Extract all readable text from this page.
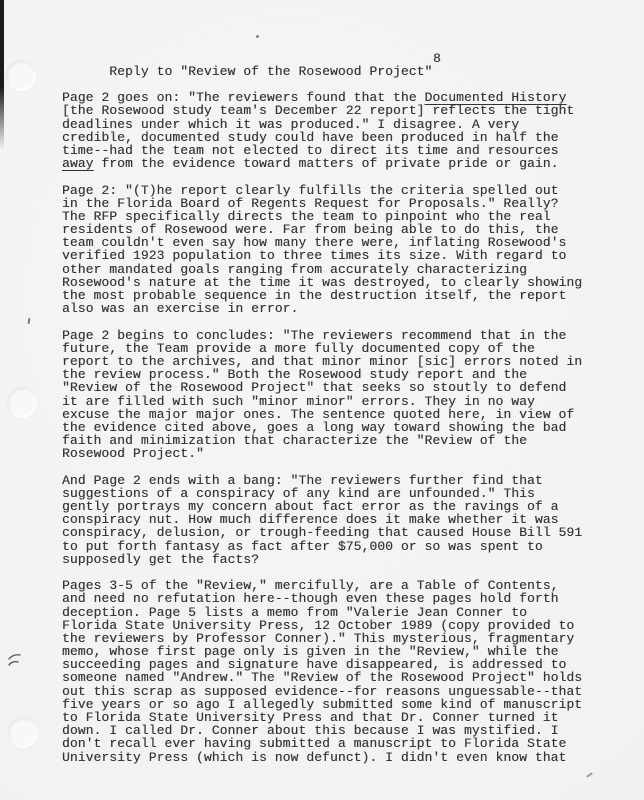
Reply to "Review of the Rosewood Project"

8

Page 2 goes on: "The reviewers found that the Documented History
[the Rosewood study team's December 22 report] reflects the tight
deadlines under which it was produced." I disagree. A very
credible, documented study could have been produced in half the
time--had the team not elected to direct its time and resources
away from the evidence toward matters of private pride or gain.
Page 2: "(T)he report clearly fulfills the criteria spelled out
in the Florida Board of Regents Request for Proposals." Really?
The RFP specifically directs the team to pinpoint who the real
residents of Rosewood were. Far from being able to do this, the
team couldn't even say how many there were, inflating Rosewood's
verified 1923 population to three times its size. With regard to
other mandated goals ranging from accurately characterizing
Rosewood's nature at the time it was destroyed, to clearly showing
the most probable sequence in the destruction itself, the report
also was an exercise in error.
Page 2 begins to concludes: "The reviewers recommend that in the
future, the Team provide a more fully documented copy of the
report to the archives, and that minor minor [sic] errors noted in
the review process." Both the Rosewood study report and the
"Review of the Rosewood Project" that seeks so stoutly to defend
it are filled with such "minor minor" errors. They in no way
excuse the major major ones. The sentence quoted here, in view of
the evidence cited above, goes a long way toward showing the bad
faith and minimization that characterize the "Review of the
Rosewood Project."
And Page 2 ends with a bang: "The reviewers further find that
suggestions of a conspiracy of any kind are unfounded." This
gently portrays my concern about fact error as the ravings of a
conspiracy nut. How much difference does it make whether it was
conspiracy, delusion, or trough-feeding that caused House Bill 591
to put forth fantasy as fact after $75,000 or so was spent to
supposedly get the facts?
Pages 3-5 of the "Review," mercifully, are a Table of Contents,
and need no refutation here--though even these pages hold forth
deception. Page 5 lists a memo from "Valerie Jean Conner to
Florida State University Press, 12 October 1989 (copy provided to
the reviewers by Professor Conner)." This mysterious, fragmentary
memo, whose first page only is given in the "Review," while the
succeeding pages and signature have disappeared, is addressed to
someone named "Andrew." The "Review of the Rosewood Project" holds
out this scrap as supposed evidence--for reasons unguessable--that
five years or so ago I allegedly submitted some kind of manuscript
to Florida State University Press and that Dr. Conner turned it
down. I called Dr. Conner about this because I was mystified. I
don't recall ever having submitted a manuscript to Florida State
University Press (which is now defunct). I didn't even know that
